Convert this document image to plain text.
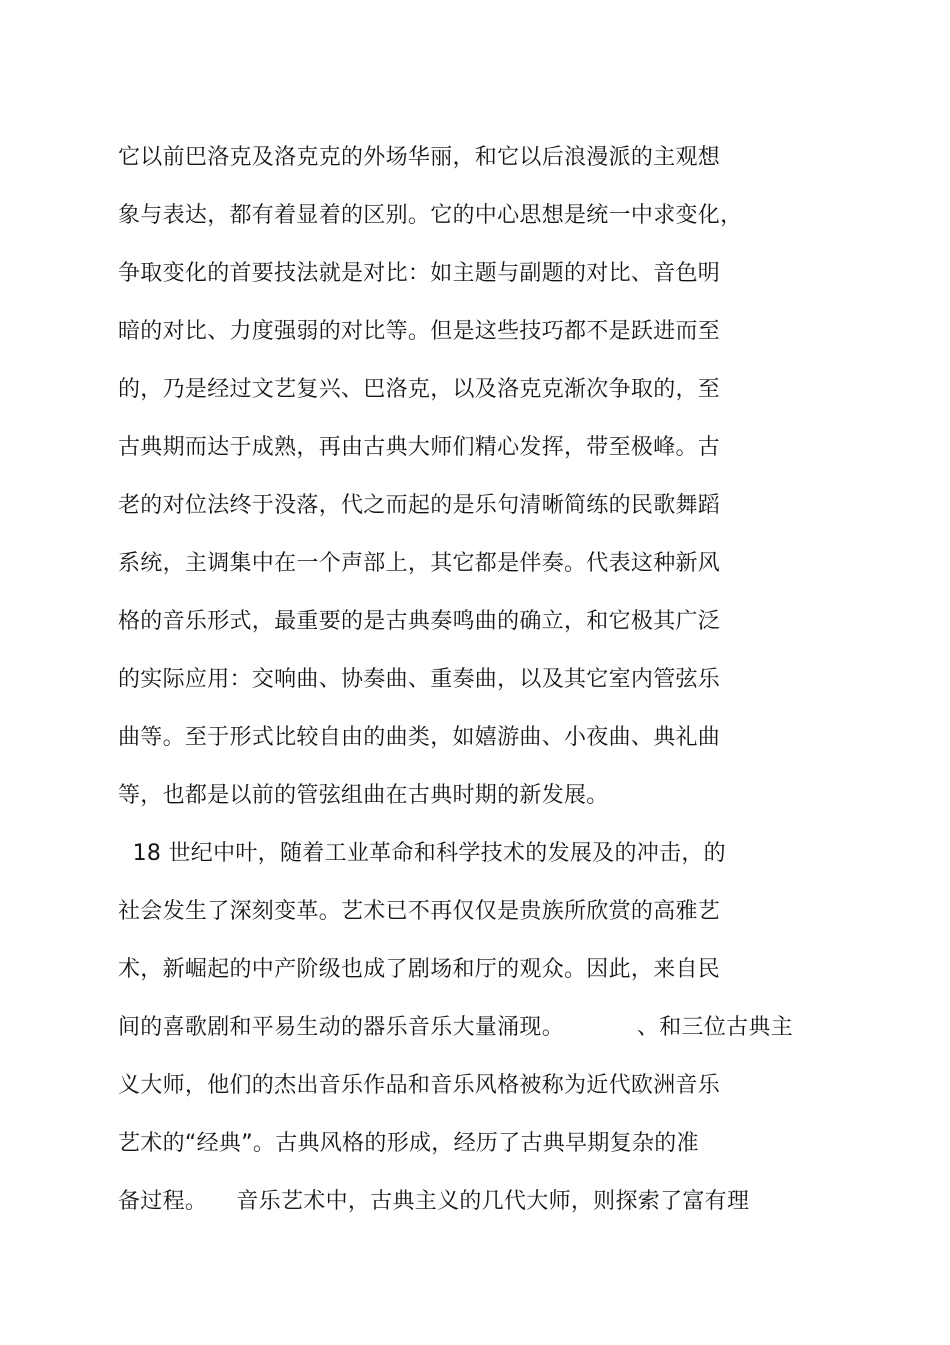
它以前巴洛克及洛克克的外场华丽，和它以后浪漫派的主观想
象与表达，都有着显着的区别。它的中心思想是统一中求变化，
争取变化的首要技法就是对比：如主题与副题的对比、音色明
暗的对比、力度强弱的对比等。但是这些技巧都不是跃进而至
的，乃是经过文艺复兴、巴洛克，以及洛克克渐次争取的，至
古典期而达于成熟，再由古典大师们精心发挥，带至极峰。古
老的对位法终于没落，代之而起的是乐句清晰简练的民歌舞蹈
系统，主调集中在一个声部上，其它都是伴奏。代表这种新风
格的音乐形式，最重要的是古典奏鸣曲的确立，和它极其广泛
的实际应用：交响曲、协奏曲、重奏曲，以及其它室内管弦乐
曲等。至于形式比较自由的曲类，如嬉游曲、小夜曲、典礼曲
等，也都是以前的管弦组曲在古典时期的新发展。
18 世纪中叶，随着工业革命和科学技术的发展及的冲击，的
社会发生了深刻变革。艺术已不再仅仅是贵族所欣赏的高雅艺
术，新崛起的中产阶级也成了剧场和厅的观众。因此，来自民
间的喜歌剧和平易生动的器乐音乐大量涌现。          、和三位古典主
义大师，他们的杰出音乐作品和音乐风格被称为近代欧洲音乐
艺术的“经典”。古典风格的形成，经历了古典早期复杂的准
备过程。    音乐艺术中，古典主义的几代大师，则探索了富有理
